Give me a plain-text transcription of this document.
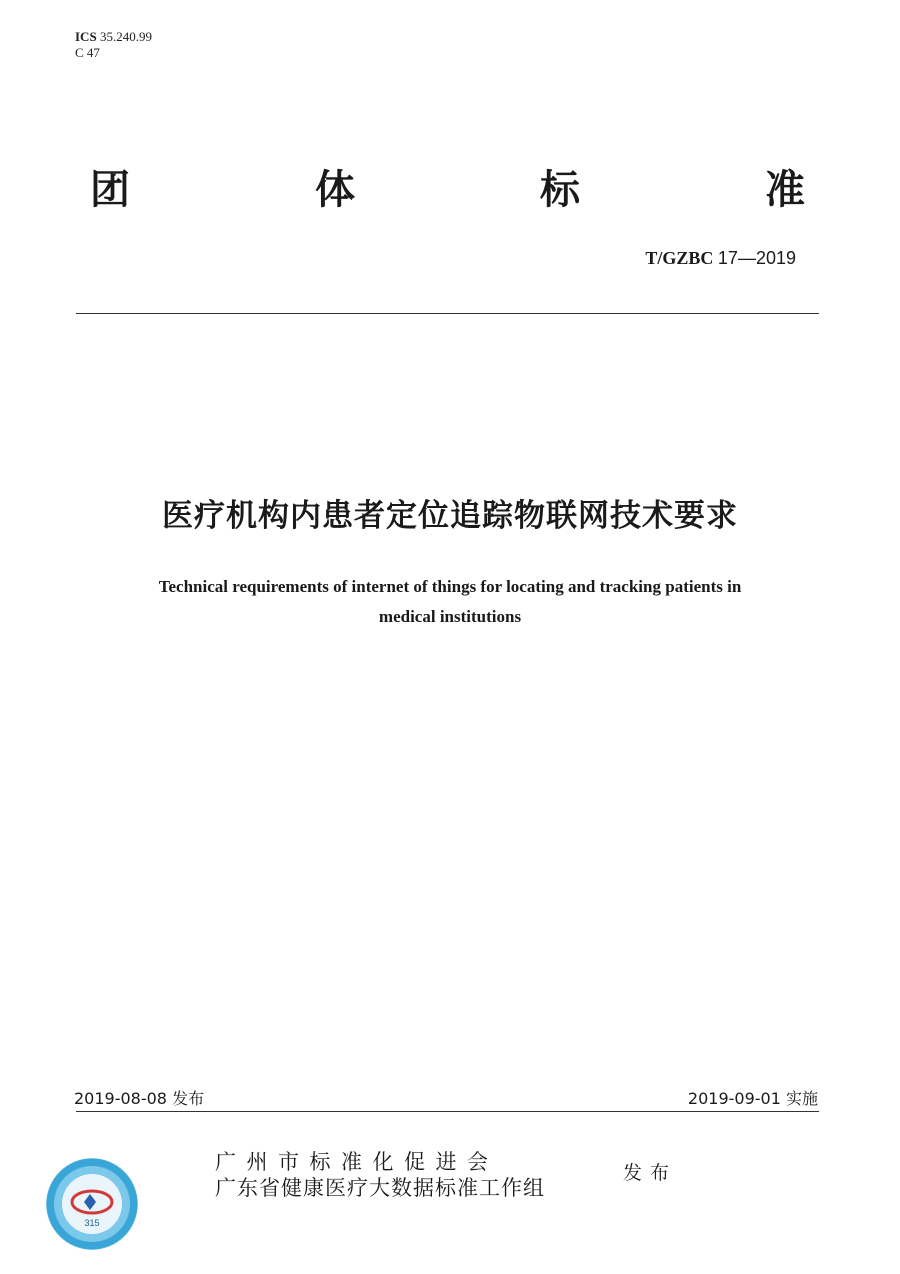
ICS 35.240.99
C 47
团	体	标	准
T/GZBC 17—2019
医疗机构内患者定位追踪物联网技术要求
Technical requirements of internet of things for locating and tracking patients in
medical institutions
2019-08-08 发布	2019-09-01 实施
广州市标准化促进会
广东省健康医疗大数据标准工作组
发布
315
